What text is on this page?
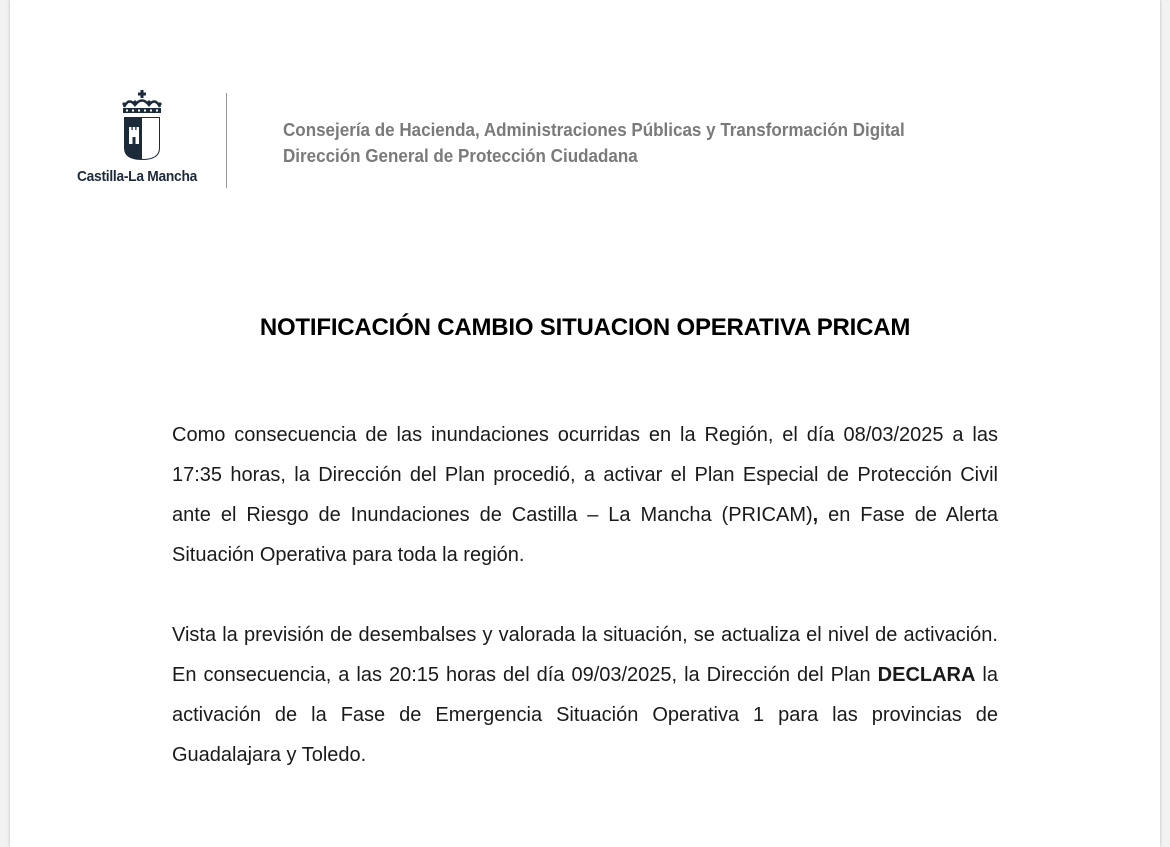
Castilla-La Mancha
Consejería de Hacienda, Administraciones Públicas y Transformación Digital
Dirección General de Protección Ciudadana
NOTIFICACIÓN CAMBIO SITUACION OPERATIVA PRICAM
Como consecuencia de las inundaciones ocurridas en la Región, el día 08/03/2025 a las 17:35 horas, la Dirección del Plan procedió, a activar el Plan Especial de Protección Civil ante el Riesgo de Inundaciones de Castilla – La Mancha (PRICAM), en Fase de Alerta Situación Operativa para toda la región.
Vista la previsión de desembalses y valorada la situación, se actualiza el nivel de activación. En consecuencia, a las 20:15 horas del día 09/03/2025, la Dirección del Plan DECLARA la activación de la Fase de Emergencia Situación Operativa 1 para las provincias de Guadalajara y Toledo.
